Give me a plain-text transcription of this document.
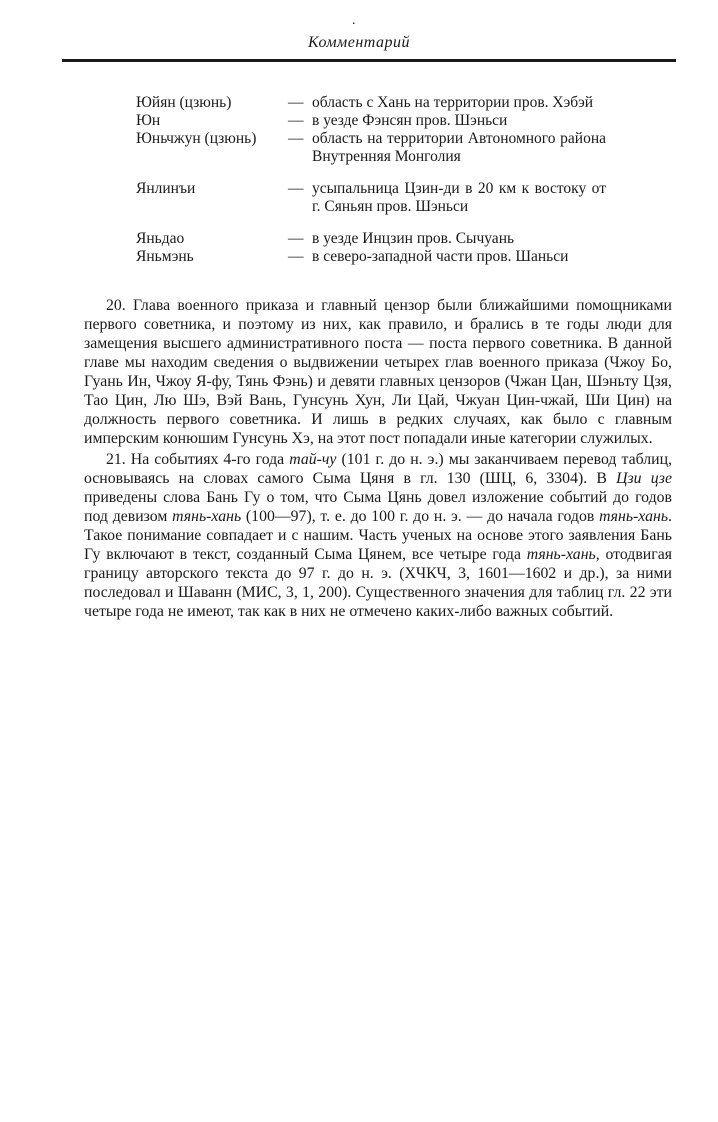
.
Комментарий
Юйян (цзюнь)	— область с Хань на территории пров. Хэбэй
Юн	— в уезде Фэнсян пров. Шэньси
Юньчжун (цзюнь)	— область на территории Автономного района Внутренняя Монголия
Янлинъи	— усыпальница Цзин-ди в 20 км к востоку от г. Сяньян пров. Шэньси
Яньдао	— в уезде Инцзин пров. Сычуань
Яньмэнь	— в северо-западной части пров. Шаньси

20. Глава военного приказа и главный цензор были ближайшими помощниками первого советника, и поэтому из них, как правило, и брались в те годы люди для замещения высшего административного поста — поста первого советника. В данной главе мы находим сведения о выдвижении четырех глав военного приказа (Чжоу Бо, Гуань Ин, Чжоу Я-фу, Тянь Фэнь) и девяти главных цензоров (Чжан Цан, Шэньту Цзя, Тао Цин, Лю Шэ, Вэй Вань, Гунсунь Хун, Ли Цай, Чжуан Цин-чжай, Ши Цин) на должность первого советника. И лишь в редких случаях, как было с главным имперским конюшим Гунсунь Хэ, на этот пост попадали иные категории служилых.

21. На событиях 4-го года тай-чу (101 г. до н. э.) мы заканчиваем перевод таблиц, основываясь на словах самого Сыма Цяня в гл. 130 (ШЦ, 6, 3304). В Цзи цзе приведены слова Бань Гу о том, что Сыма Цянь довел изложение событий до годов под девизом тянь-хань (100—97), т. е. до 100 г. до н. э. — до начала годов тянь-хань. Такое понимание совпадает и с нашим. Часть ученых на основе этого заявления Бань Гу включают в текст, созданный Сыма Цянем, все четыре года тянь-хань, отодвигая границу авторского текста до 97 г. до н. э. (ХЧКЧ, 3, 1601—1602 и др.), за ними последовал и Шаванн (МИС, 3, 1, 200). Существенного значения для таблиц гл. 22 эти четыре года не имеют, так как в них не отмечено каких-либо важных событий.
